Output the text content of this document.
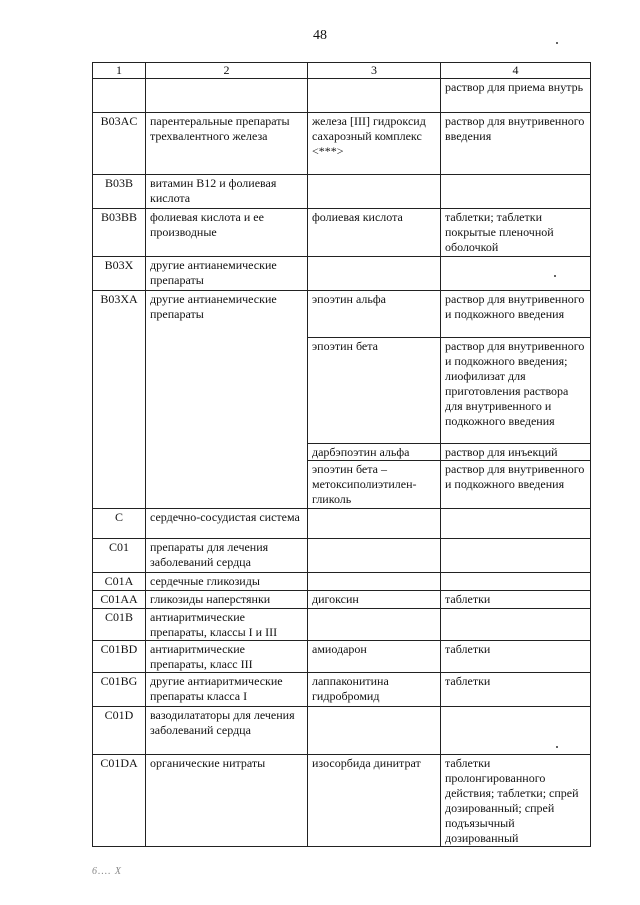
48
1	2	3	4
			раствор для приема внутрь
B03AC	парентеральные препараты трехвалентного железа	железа [III] гидроксид сахарозный комплекс <***>	раствор для внутривенного введения
B03B	витамин B12 и фолиевая кислота		
B03BB	фолиевая кислота и ее производные	фолиевая кислота	таблетки; таблетки покрытые пленочной оболочкой
B03X	другие антианемические препараты		
B03XA	другие антианемические препараты	эпоэтин альфа	раствор для внутривенного и подкожного введения
		эпоэтин бета	раствор для внутривенного и подкожного введения; лиофилизат для приготовления раствора для внутривенного и подкожного введения
		дарбэпоэтин альфа	раствор для инъекций
		эпоэтин бета – метоксиполиэтилен-гликоль	раствор для внутривенного и подкожного введения
C	сердечно-сосудистая система		
C01	препараты для лечения заболеваний сердца		
C01A	сердечные гликозиды		
C01AA	гликозиды наперстянки	дигоксин	таблетки
C01B	антиаритмические препараты, классы I и III		
C01BD	антиаритмические препараты, класс III	амиодарон	таблетки
C01BG	другие антиаритмические препараты класса I	лаппаконитина гидробромид	таблетки
C01D	вазодилататоры для лечения заболеваний сердца		
C01DA	органические нитраты	изосорбида динитрат	таблетки пролонгированного действия; таблетки; спрей дозированный; спрей подъязычный дозированный
6.… X
